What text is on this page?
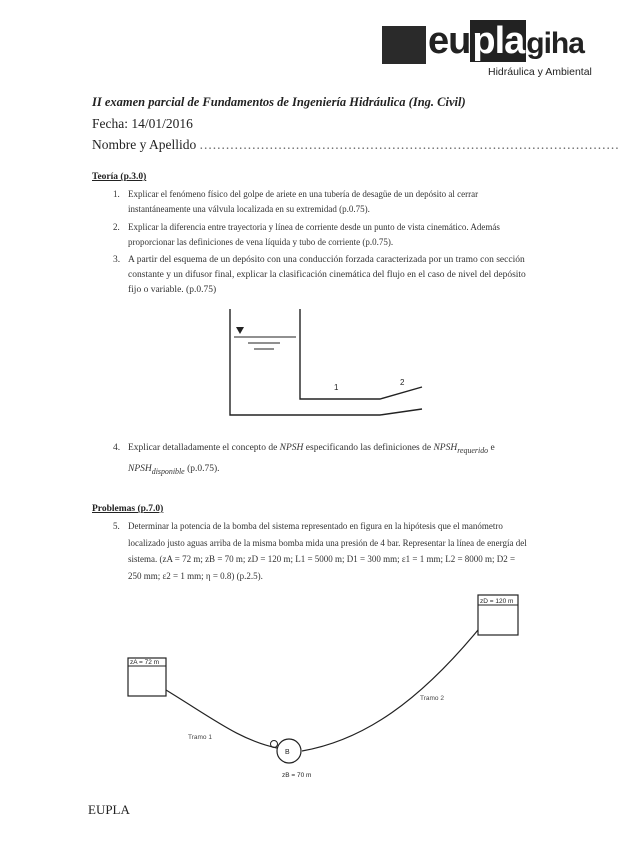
euplagiha
Hidráulica y Ambiental
II examen parcial de Fundamentos de Ingeniería Hidráulica (Ing. Civil)
Fecha: 14/01/2016
Nombre y Apellido ................................................................................................
Teoría (p.3.0)
1. Explicar el fenómeno físico del golpe de ariete en una tubería de desagüe de un depósito al cerrar instantáneamente una válvula localizada en su extremidad (p.0.75).
2. Explicar la diferencia entre trayectoria y línea de corriente desde un punto de vista cinemático. Además proporcionar las definiciones de vena líquida y tubo de corriente (p.0.75).
3. A partir del esquema de un depósito con una conducción forzada caracterizada por un tramo con sección constante y un difusor final, explicar la clasificación cinemática del flujo en el caso de nivel del depósito fijo o variable. (p.0.75)
1
2
4. Explicar detalladamente el concepto de NPSH especificando las definiciones de $NPSH_{requerido}$ e $NPSH_{disponible}$ (p.0.75).
Problemas (p.7.0)
5. Determinar la potencia de la bomba del sistema representado en figura en la hipótesis que el manómetro localizado justo aguas arriba de la misma bomba mida una presión de 4 bar. Representar la línea de energía del sistema. (zA = 72 m; zB = 70 m; zD = 120 m; L1 = 5000 m; D1 = 300 mm; ε1 = 1 mm; L2 = 8000 m; D2 = 250 mm; ε2 = 1 mm; η = 0.8) (p.2.5).
zA = 72 m
zD = 120 m
B
Tramo 1
Tramo 2
zB = 70 m
EUPLA
